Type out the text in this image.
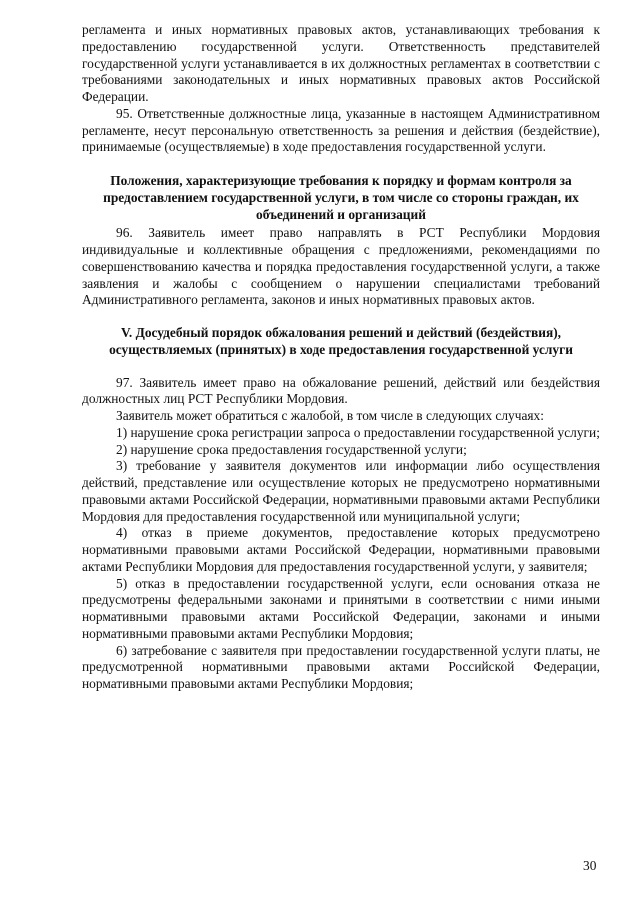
регламента и иных нормативных правовых актов, устанавливающих требования к предоставлению государственной услуги. Ответственность представителей государственной услуги устанавливается в их должностных регламентах в соответствии с требованиями законодательных и иных нормативных правовых актов Российской Федерации.

95. Ответственные должностные лица, указанные в настоящем Административном регламенте, несут персональную ответственность за решения и действия (бездействие), принимаемые (осуществляемые) в ходе предоставления государственной услуги.

Положения, характеризующие требования к порядку и формам контроля за предоставлением государственной услуги, в том числе со стороны граждан, их объединений и организаций

96. Заявитель имеет право направлять в РСТ Республики Мордовия индивидуальные и коллективные обращения с предложениями, рекомендациями по совершенствованию качества и порядка предоставления государственной услуги, а также заявления и жалобы с сообщением о нарушении специалистами требований Административного регламента, законов и иных нормативных правовых актов.

V. Досудебный порядок обжалования решений и действий (бездействия), осуществляемых (принятых) в ходе предоставления государственной услуги

97. Заявитель имеет право на обжалование решений, действий или бездействия должностных лиц РСТ Республики Мордовия.

Заявитель может обратиться с жалобой, в том числе в следующих случаях:

1) нарушение срока регистрации запроса о предоставлении государственной услуги;

2) нарушение срока предоставления государственной услуги;

3) требование у заявителя документов или информации либо осуществления действий, представление или осуществление которых не предусмотрено нормативными правовыми актами Российской Федерации, нормативными правовыми актами Республики Мордовия для предоставления государственной или муниципальной услуги;

4) отказ в приеме документов, предоставление которых предусмотрено нормативными правовыми актами Российской Федерации, нормативными правовыми актами Республики Мордовия для предоставления государственной услуги, у заявителя;

5) отказ в предоставлении государственной услуги, если основания отказа не предусмотрены федеральными законами и принятыми в соответствии с ними иными нормативными правовыми актами Российской Федерации, законами и иными нормативными правовыми актами Республики Мордовия;

6) затребование с заявителя при предоставлении государственной услуги платы, не предусмотренной нормативными правовыми актами Российской Федерации, нормативными правовыми актами Республики Мордовия;

30
